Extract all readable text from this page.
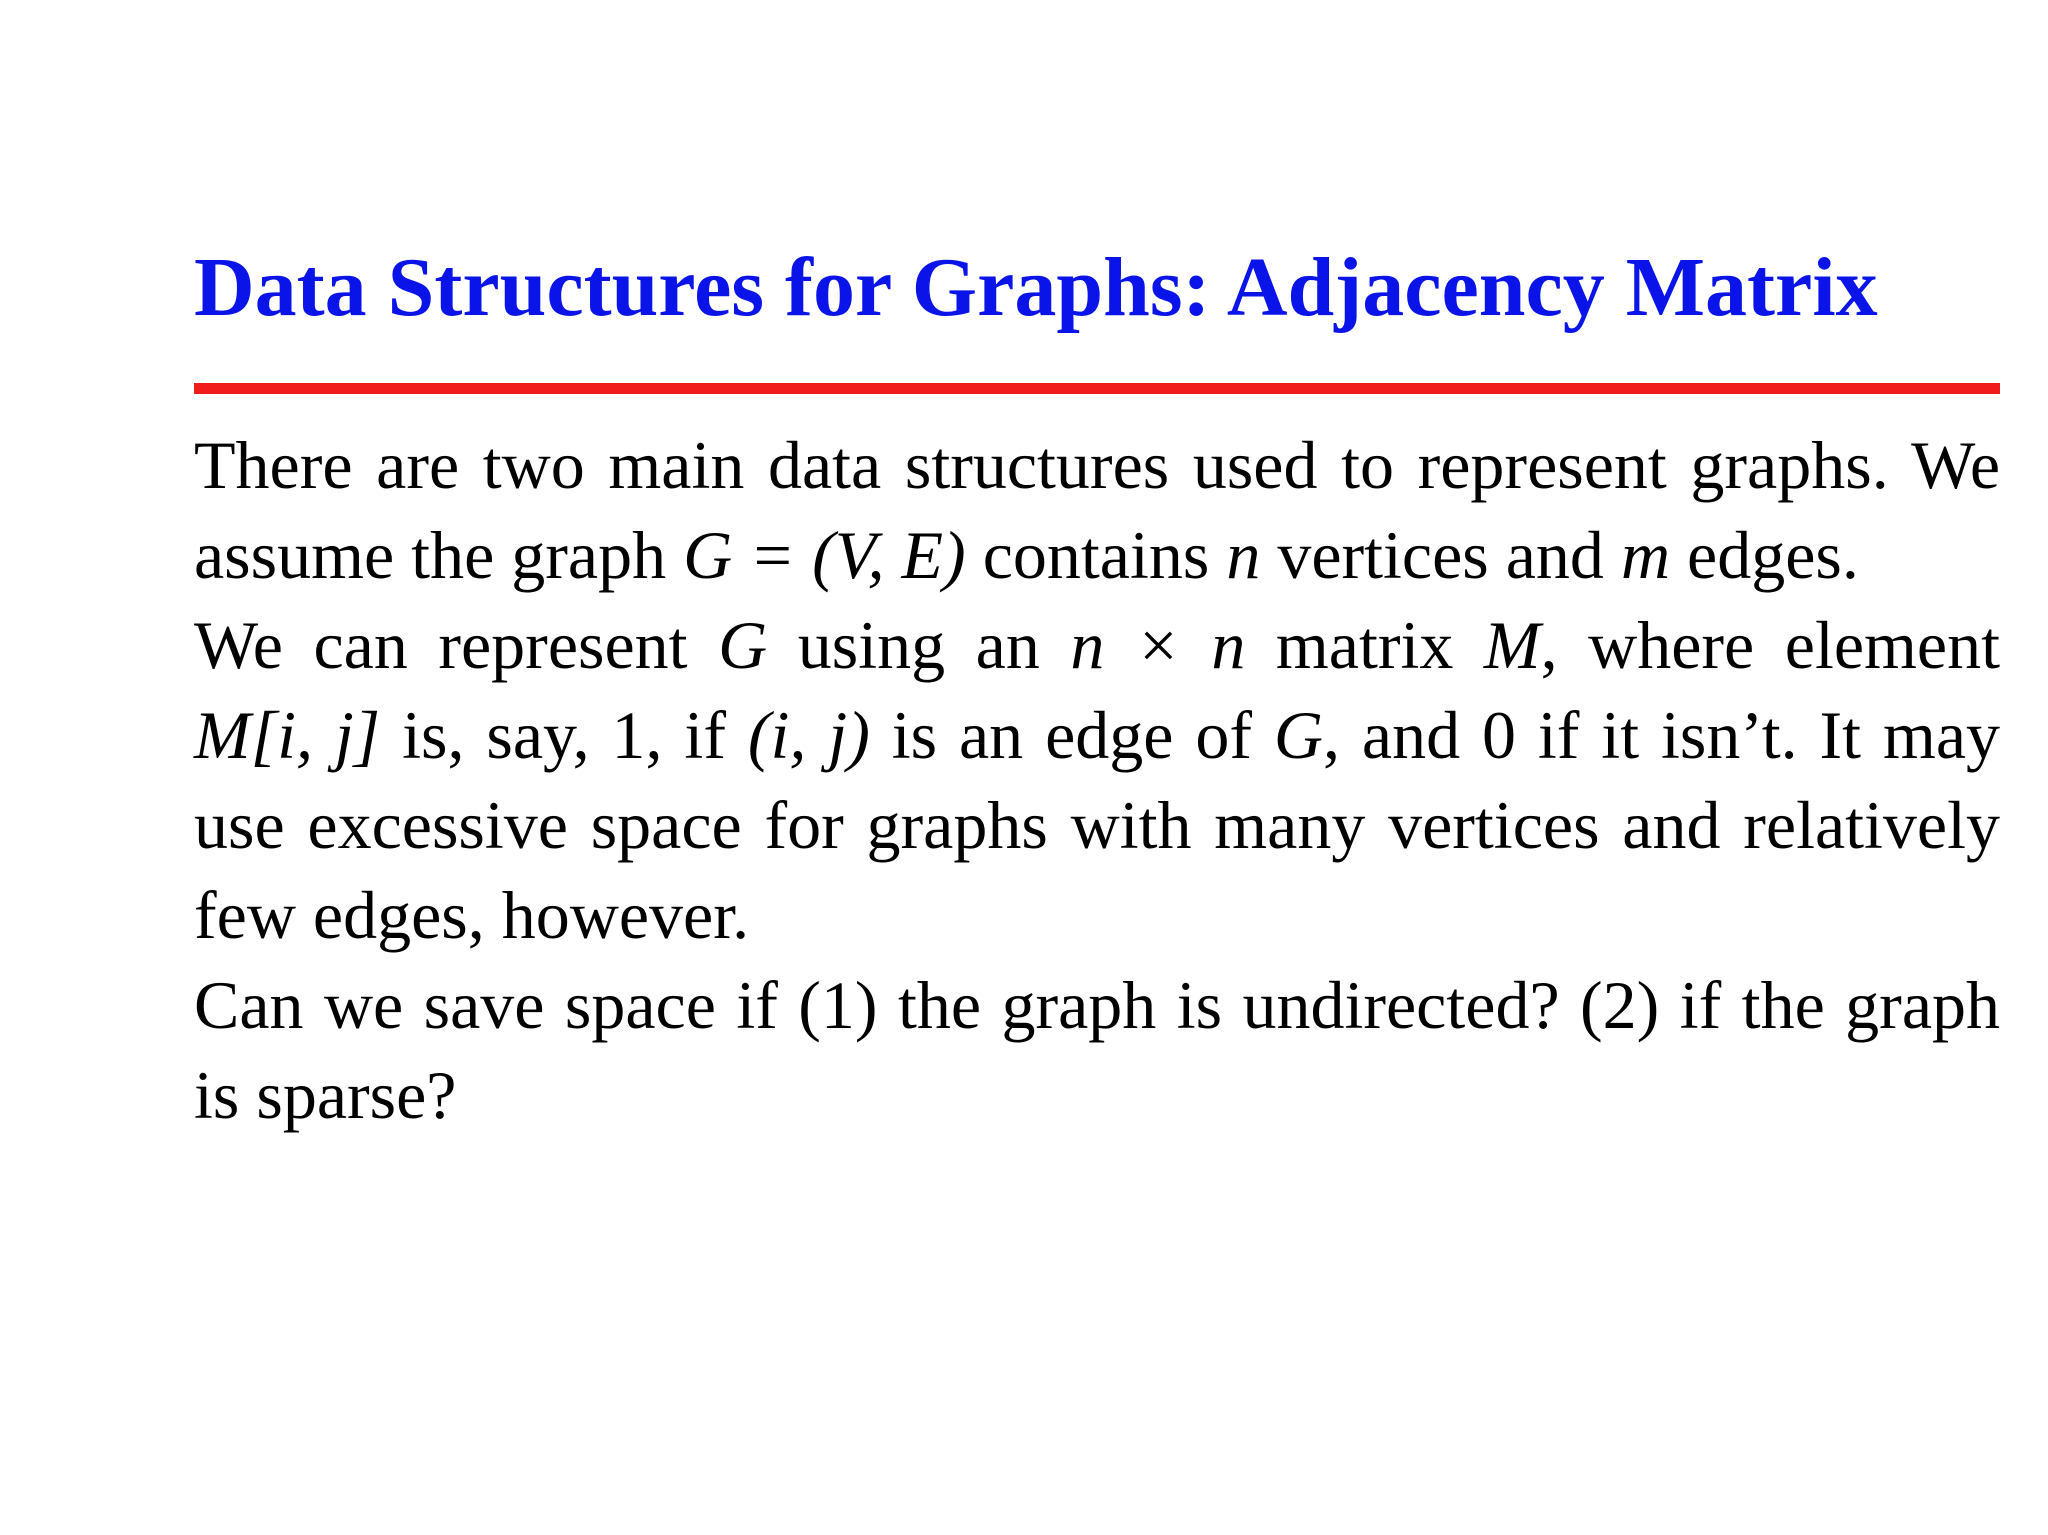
Data Structures for Graphs: Adjacency Matrix

There are two main data structures used to represent graphs. We assume the graph G = (V, E) contains n vertices and m edges.

We can represent G using an n × n matrix M, where element M[i, j] is, say, 1, if (i, j) is an edge of G, and 0 if it isn’t. It may use excessive space for graphs with many vertices and relatively few edges, however.

Can we save space if (1) the graph is undirected? (2) if the graph is sparse?
